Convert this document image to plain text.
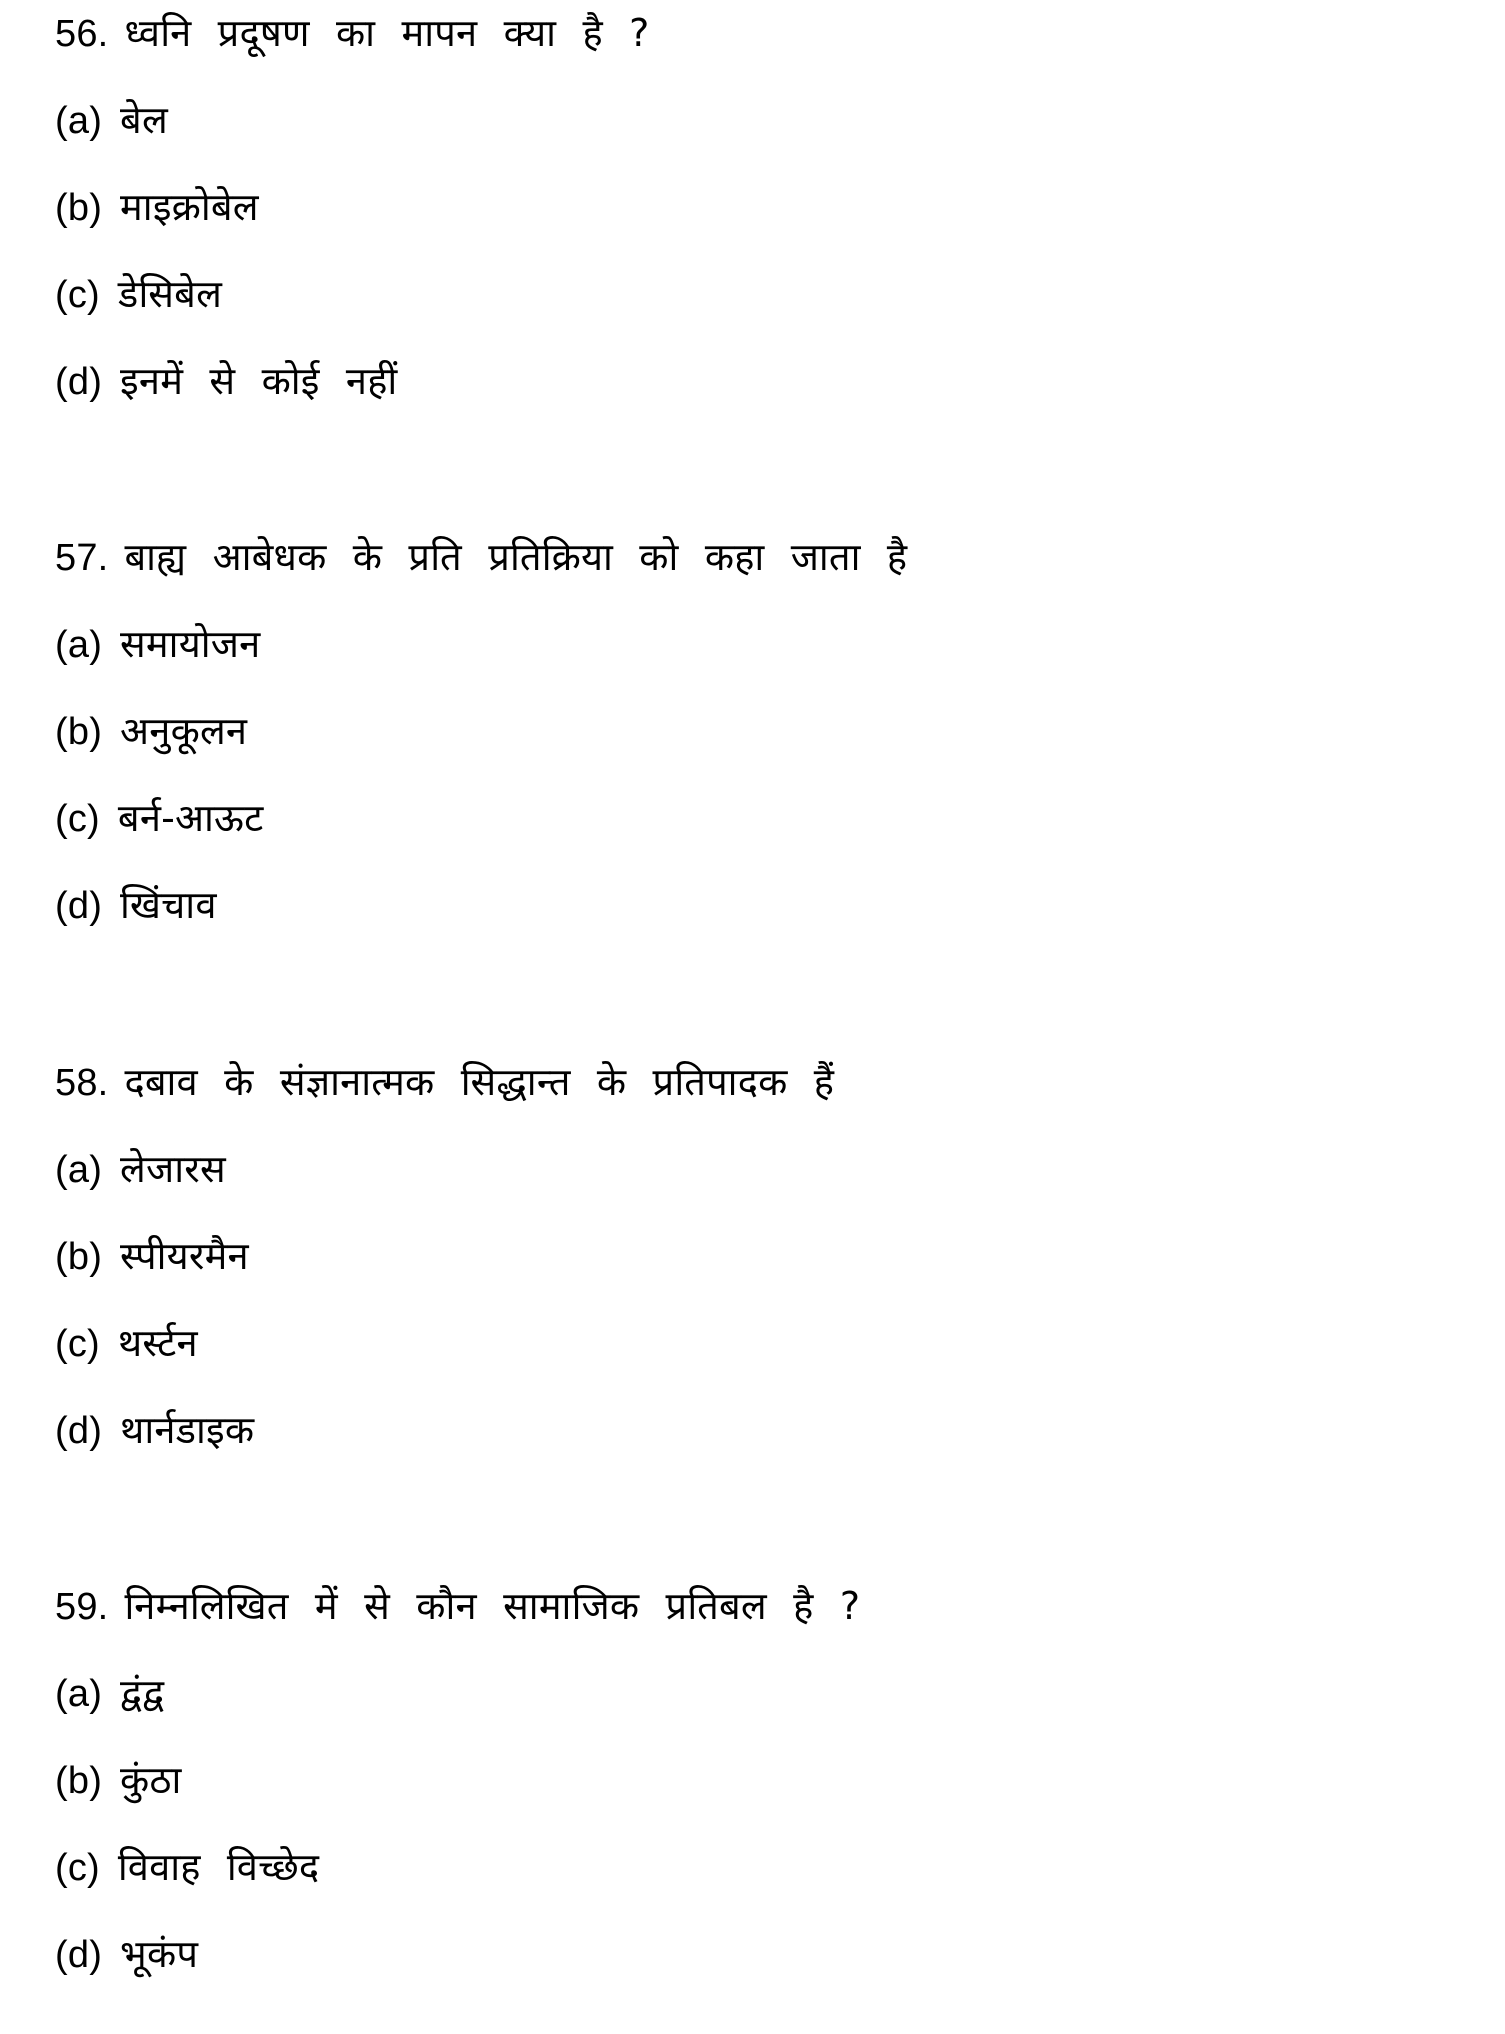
56. ध्वनि प्रदूषण का मापन क्या है ?
(a) बेल
(b) माइक्रोबेल
(c) डेसिबेल
(d) इनमें से कोई नहीं
57. बाह्य आबेधक के प्रति प्रतिक्रिया को कहा जाता है
(a) समायोजन
(b) अनुकूलन
(c) बर्न-आऊट
(d) खिंचाव
58. दबाव के संज्ञानात्मक सिद्धान्त के प्रतिपादक हैं
(a) लेजारस
(b) स्पीयरमैन
(c) थर्स्टन
(d) थार्नडाइक
59. निम्नलिखित में से कौन सामाजिक प्रतिबल है ?
(a) द्वंद्व
(b) कुंठा
(c) विवाह विच्छेद
(d) भूकंप
